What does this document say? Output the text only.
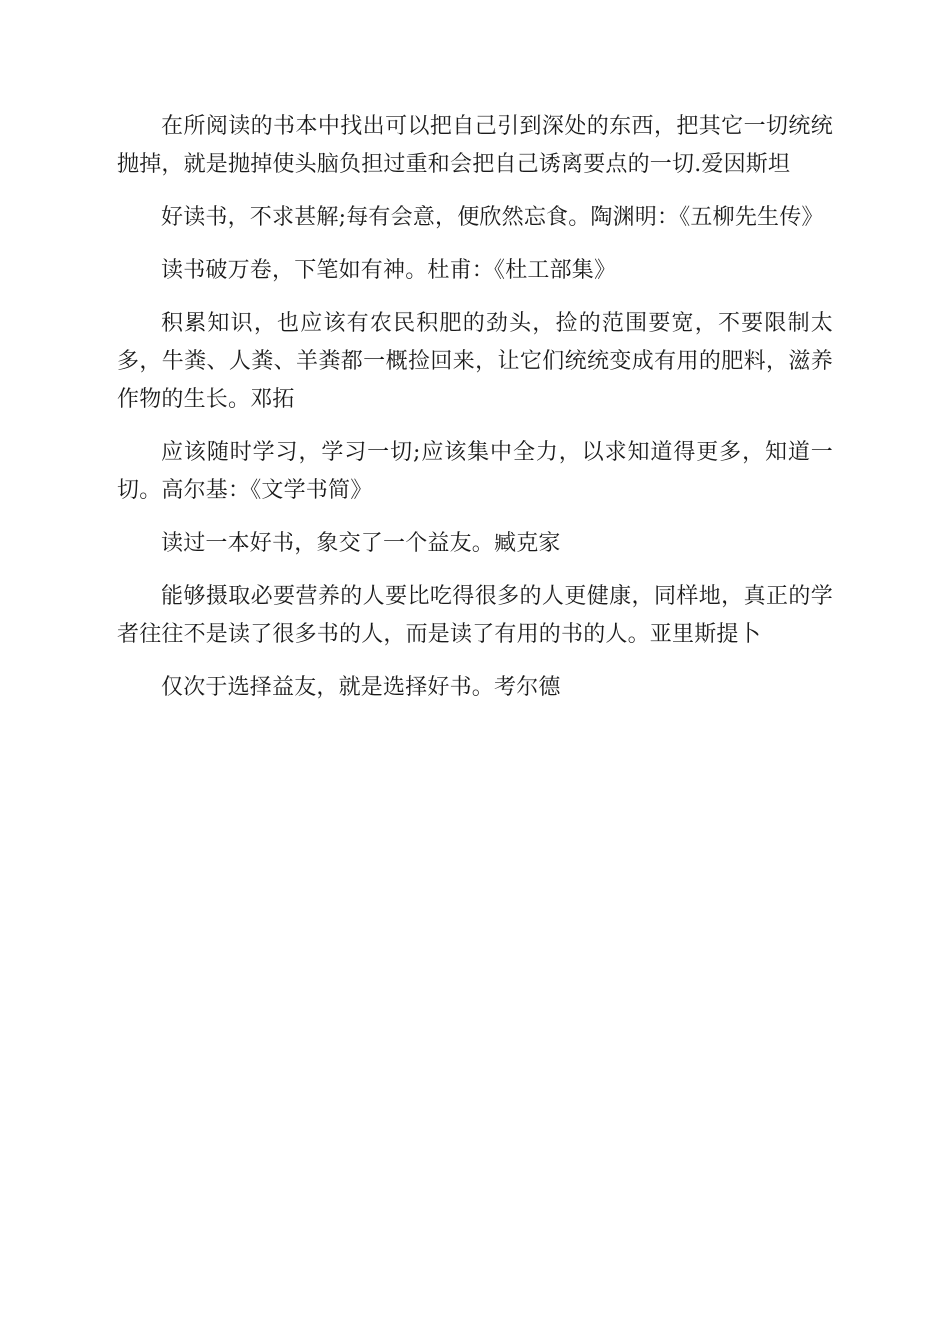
在所阅读的书本中找出可以把自己引到深处的东西，把其它一切统统抛掉，就是抛掉使头脑负担过重和会把自己诱离要点的一切.爱因斯坦

好读书，不求甚解;每有会意，便欣然忘食。陶渊明：《五柳先生传》

读书破万卷，下笔如有神。杜甫：《杜工部集》

积累知识，也应该有农民积肥的劲头，捡的范围要宽，不要限制太多，牛粪、人粪、羊粪都一概捡回来，让它们统统变成有用的肥料，滋养作物的生长。邓拓

应该随时学习，学习一切;应该集中全力，以求知道得更多，知道一切。高尔基：《文学书简》

读过一本好书，象交了一个益友。臧克家

能够摄取必要营养的人要比吃得很多的人更健康，同样地，真正的学者往往不是读了很多书的人，而是读了有用的书的人。亚里斯提卜

仅次于选择益友，就是选择好书。考尔德
